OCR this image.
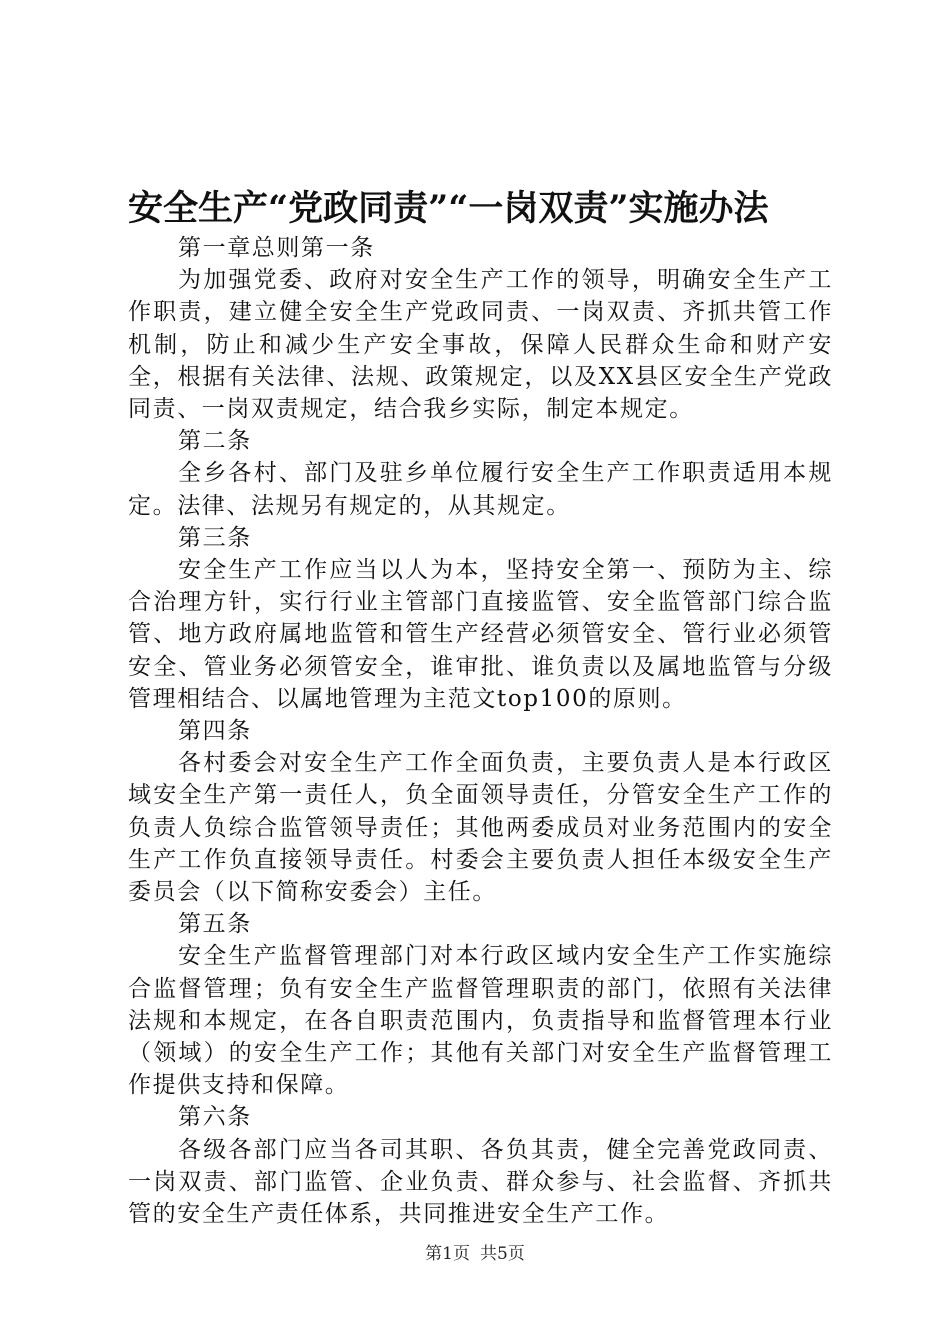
安全生产“党政同责”“一岗双责”实施办法

第一章总则第一条

为加强党委、政府对安全生产工作的领导，明确安全生产工作职责，建立健全安全生产党政同责、一岗双责、齐抓共管工作机制，防止和减少生产安全事故，保障人民群众生命和财产安全，根据有关法律、法规、政策规定，以及XX县区安全生产党政同责、一岗双责规定，结合我乡实际，制定本规定。

第二条

全乡各村、部门及驻乡单位履行安全生产工作职责适用本规定。法律、法规另有规定的，从其规定。

第三条

安全生产工作应当以人为本，坚持安全第一、预防为主、综合治理方针，实行行业主管部门直接监管、安全监管部门综合监管、地方政府属地监管和管生产经营必须管安全、管行业必须管安全、管业务必须管安全，谁审批、谁负责以及属地监管与分级管理相结合、以属地管理为主范文top100的原则。

第四条

各村委会对安全生产工作全面负责，主要负责人是本行政区域安全生产第一责任人，负全面领导责任，分管安全生产工作的负责人负综合监管领导责任；其他两委成员对业务范围内的安全生产工作负直接领导责任。村委会主要负责人担任本级安全生产委员会（以下简称安委会）主任。

第五条

安全生产监督管理部门对本行政区域内安全生产工作实施综合监督管理；负有安全生产监督管理职责的部门，依照有关法律法规和本规定，在各自职责范围内，负责指导和监督管理本行业（领域）的安全生产工作；其他有关部门对安全生产监督管理工作提供支持和保障。

第六条

各级各部门应当各司其职、各负其责，健全完善党政同责、一岗双责、部门监管、企业负责、群众参与、社会监督、齐抓共管的安全生产责任体系，共同推进安全生产工作。

第1页 共5页
